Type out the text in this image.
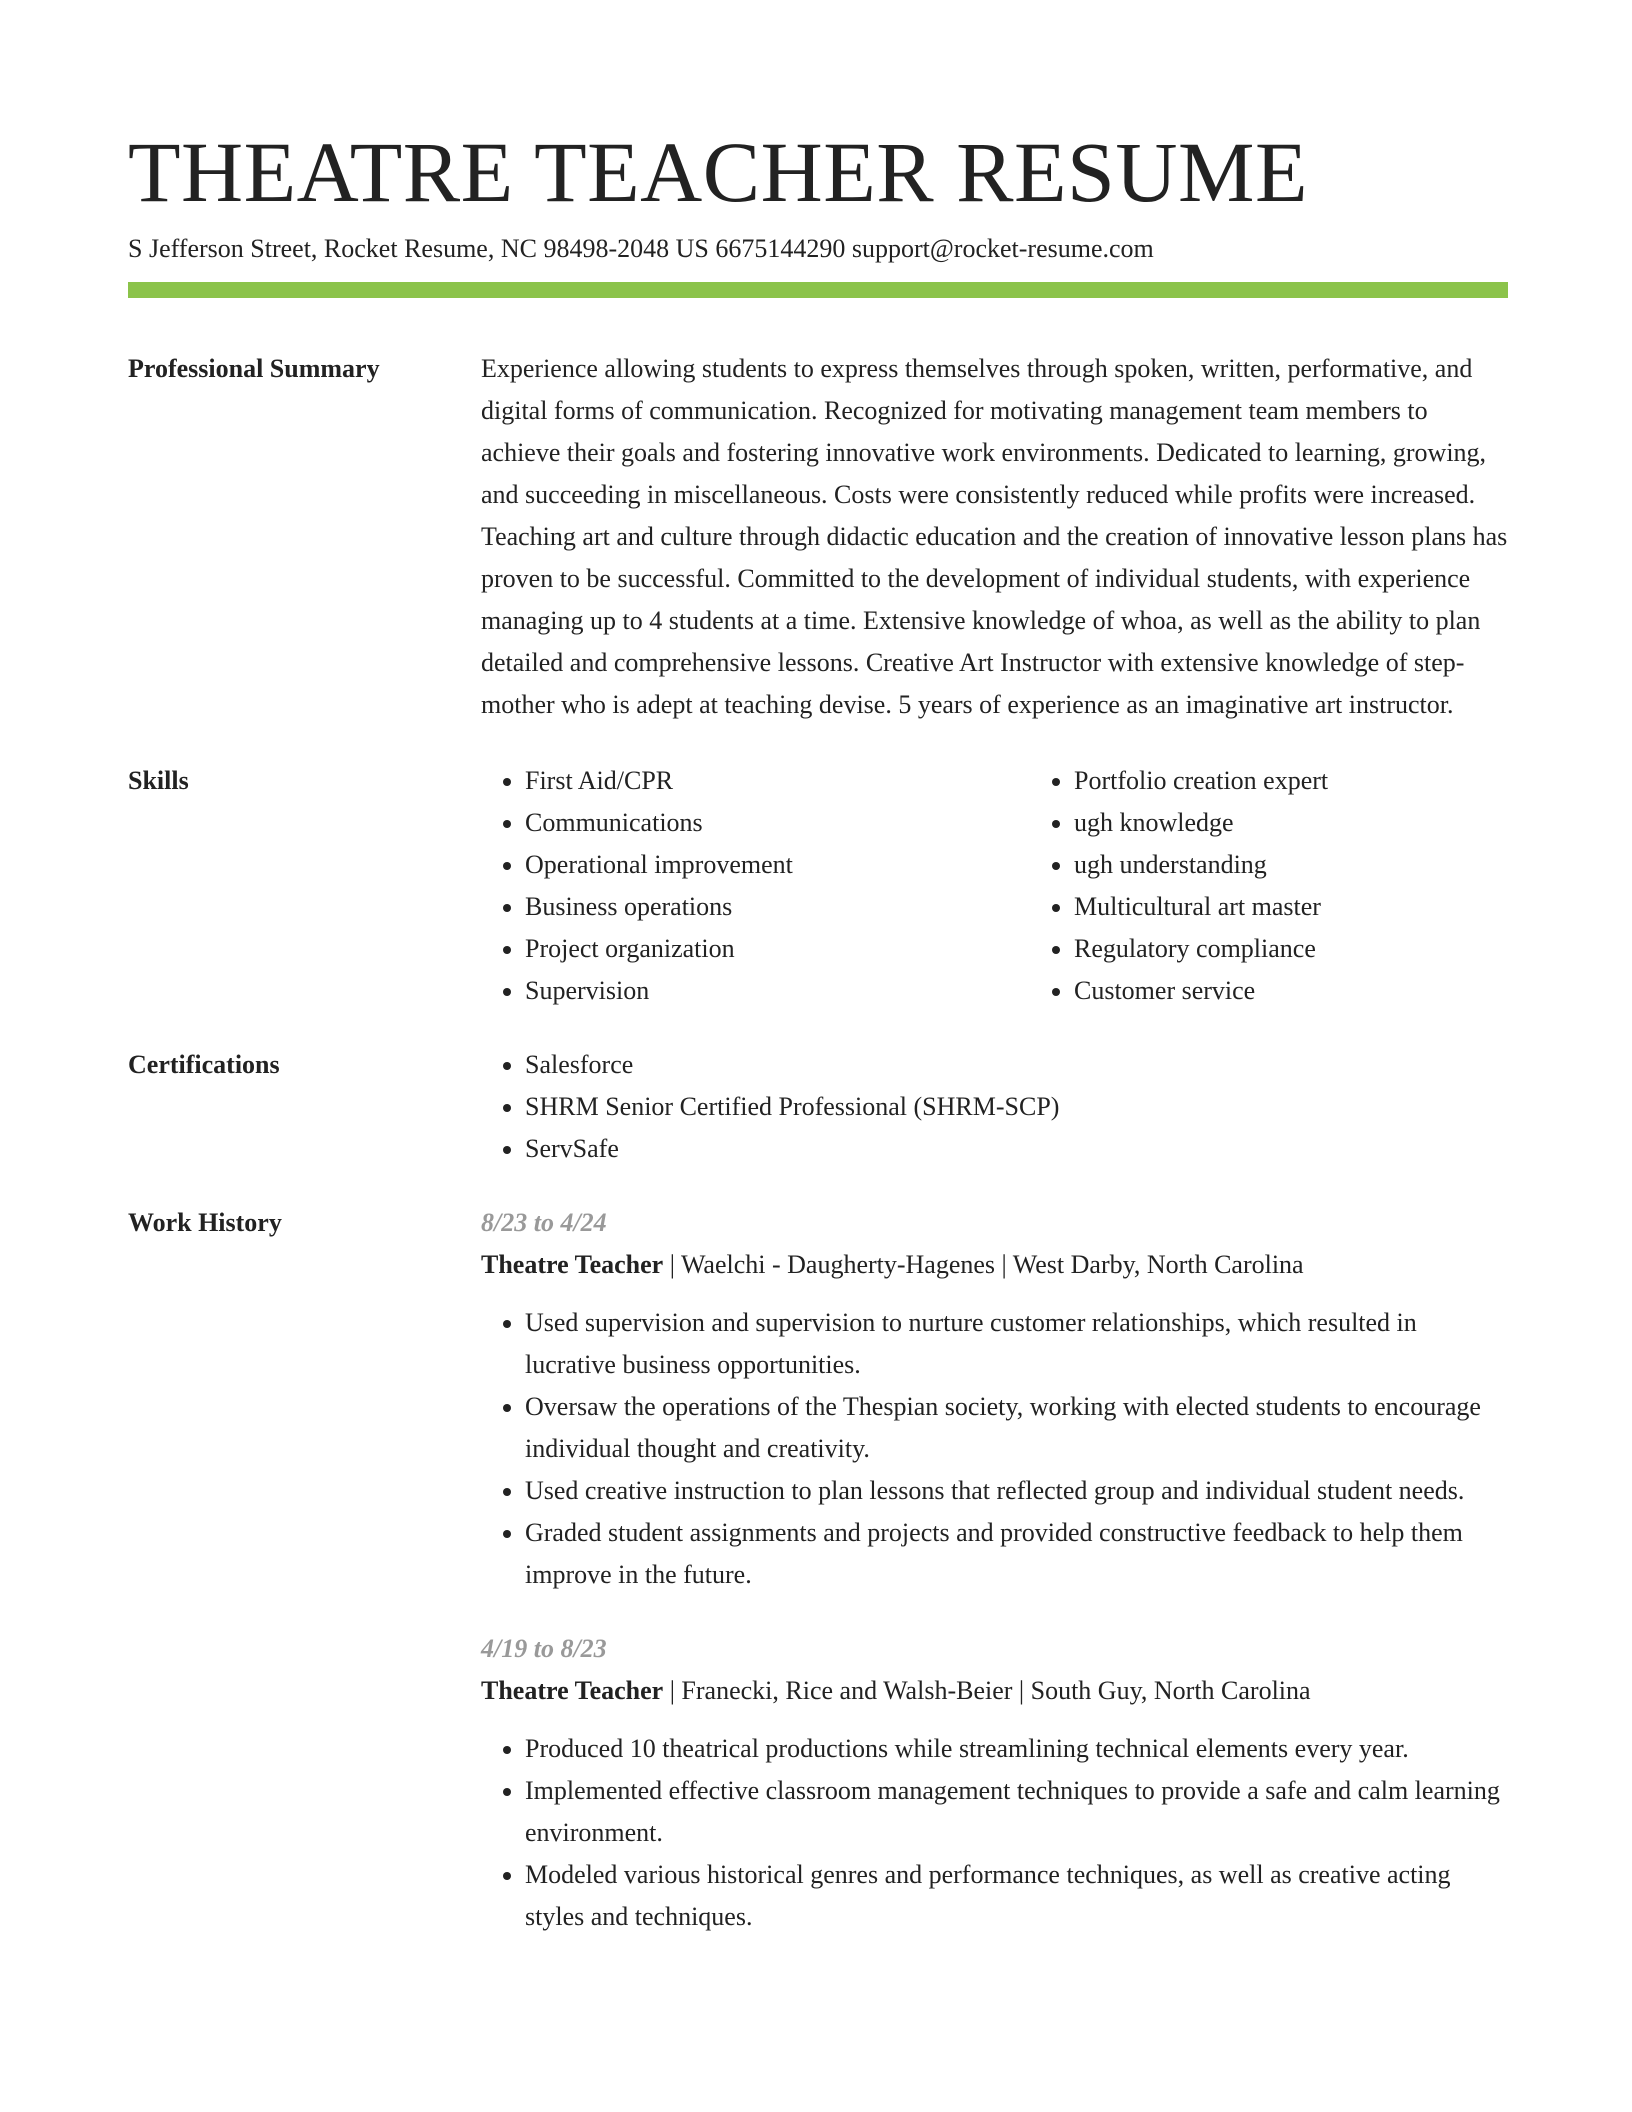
THEATRE TEACHER RESUME
S Jefferson Street, Rocket Resume, NC 98498-2048 US 6675144290 support@rocket-resume.com
Professional Summary	Experience allowing students to express themselves through spoken, written, performative, and digital forms of communication. Recognized for motivating management team members to achieve their goals and fostering innovative work environments. Dedicated to learning, growing, and succeeding in miscellaneous. Costs were consistently reduced while profits were increased. Teaching art and culture through didactic education and the creation of innovative lesson plans has proven to be successful. Committed to the development of individual students, with experience managing up to 4 students at a time. Extensive knowledge of whoa, as well as the ability to plan detailed and comprehensive lessons. Creative Art Instructor with extensive knowledge of step-mother who is adept at teaching devise. 5 years of experience as an imaginative art instructor.

Skills	• First Aid/CPR
• Communications
• Operational improvement
• Business operations
• Project organization
• Supervision
• Portfolio creation expert
• ugh knowledge
• ugh understanding
• Multicultural art master
• Regulatory compliance
• Customer service
Certifications	• Salesforce
• SHRM Senior Certified Professional (SHRM-SCP)
• ServSafe
Work History	8/23 to 4/24
Theatre Teacher | Waelchi - Daugherty-Hagenes | West Darby, North Carolina
• Used supervision and supervision to nurture customer relationships, which resulted in lucrative business opportunities.
• Oversaw the operations of the Thespian society, working with elected students to encourage individual thought and creativity.
• Used creative instruction to plan lessons that reflected group and individual student needs.
• Graded student assignments and projects and provided constructive feedback to help them improve in the future.
4/19 to 8/23
Theatre Teacher | Franecki, Rice and Walsh-Beier | South Guy, North Carolina
• Produced 10 theatrical productions while streamlining technical elements every year.
• Implemented effective classroom management techniques to provide a safe and calm learning environment.
• Modeled various historical genres and performance techniques, as well as creative acting styles and techniques.
